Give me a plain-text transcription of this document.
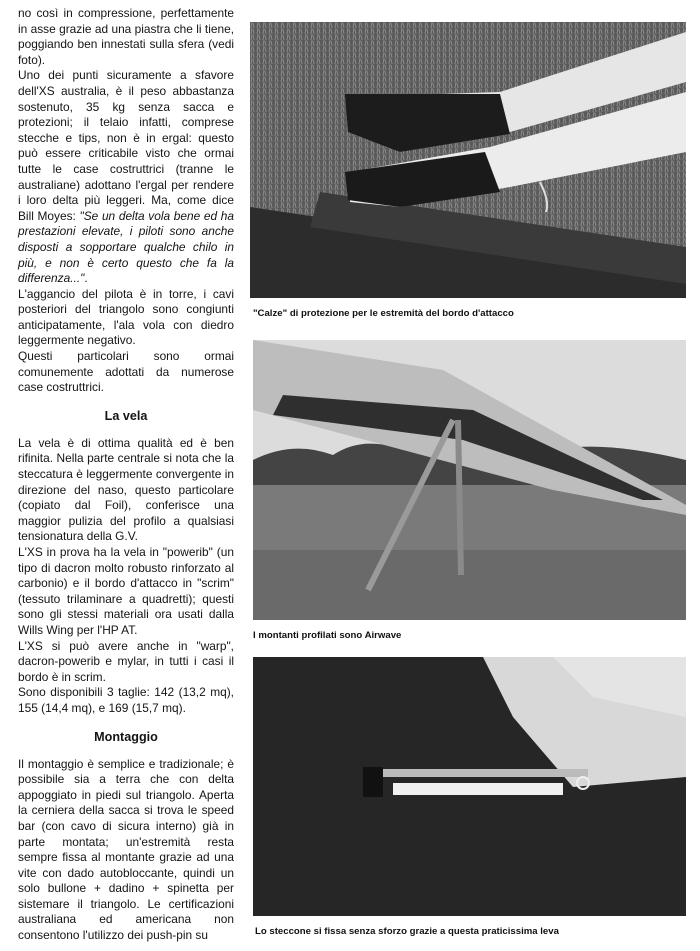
no così in compressione, perfettamente in asse grazie ad una piastra che li tiene, poggiando ben innestati sulla sfera (vedi foto).

Uno dei punti sicuramente a sfavore dell'XS australia, è il peso abbastanza sostenuto, 35 kg senza sacca e protezioni; il telaio infatti, comprese stecche e tips, non è in ergal: questo può essere criticabile visto che ormai tutte le case costruttrici (tranne le australiane) adottano l'ergal per rendere i loro delta più leggeri. Ma, come dice Bill Moyes: "Se un delta vola bene ed ha prestazioni elevate, i piloti sono anche disposti a sopportare qualche chilo in più, e non è certo questo che fa la differenza...".

L'aggancio del pilota è in torre, i cavi posteriori del triangolo sono congiunti anticipatamente, l'ala vola con diedro leggermente negativo.

Questi particolari sono ormai comunemente adottati da numerose case costruttrici.

La vela

La vela è di ottima qualità ed è ben rifinita. Nella parte centrale si nota che la steccatura è leggermente convergente in direzione del naso, questo particolare (copiato dal Foil), conferisce una maggior pulizia del profilo a qualsiasi tensionatura della G.V.

L'XS in prova ha la vela in "powerib" (un tipo di dacron molto robusto rinforzato al carbonio) e il bordo d'attacco in "scrim" (tessuto trilaminare a quadretti); questi sono gli stessi materiali ora usati dalla Wills Wing per l'HP AT.

L'XS si può avere anche in "warp", dacron-powerib e mylar, in tutti i casi il bordo è in scrim.

Sono disponibili 3 taglie: 142 (13,2 mq), 155 (14,4 mq), e 169 (15,7 mq).

Montaggio

Il montaggio è semplice e tradizionale; è possibile sia a terra che con delta appoggiato in piedi sul triangolo. Aperta la cerniera della sacca si trova le speed bar (con cavo di sicura interno) già in parte montata; un'estremità resta sempre fissa al montante grazie ad una vite con dado autobloccante, quindi un solo bullone + dadino + spinetta per sistemare il triangolo. Le certificazioni australiana ed americana non consentono l'utilizzo dei push-pin su

"Calze" di protezione per le estremità del bordo d'attacco
I montanti profilati sono Airwave
Lo steccone si fissa senza sforzo grazie a questa praticissima leva
